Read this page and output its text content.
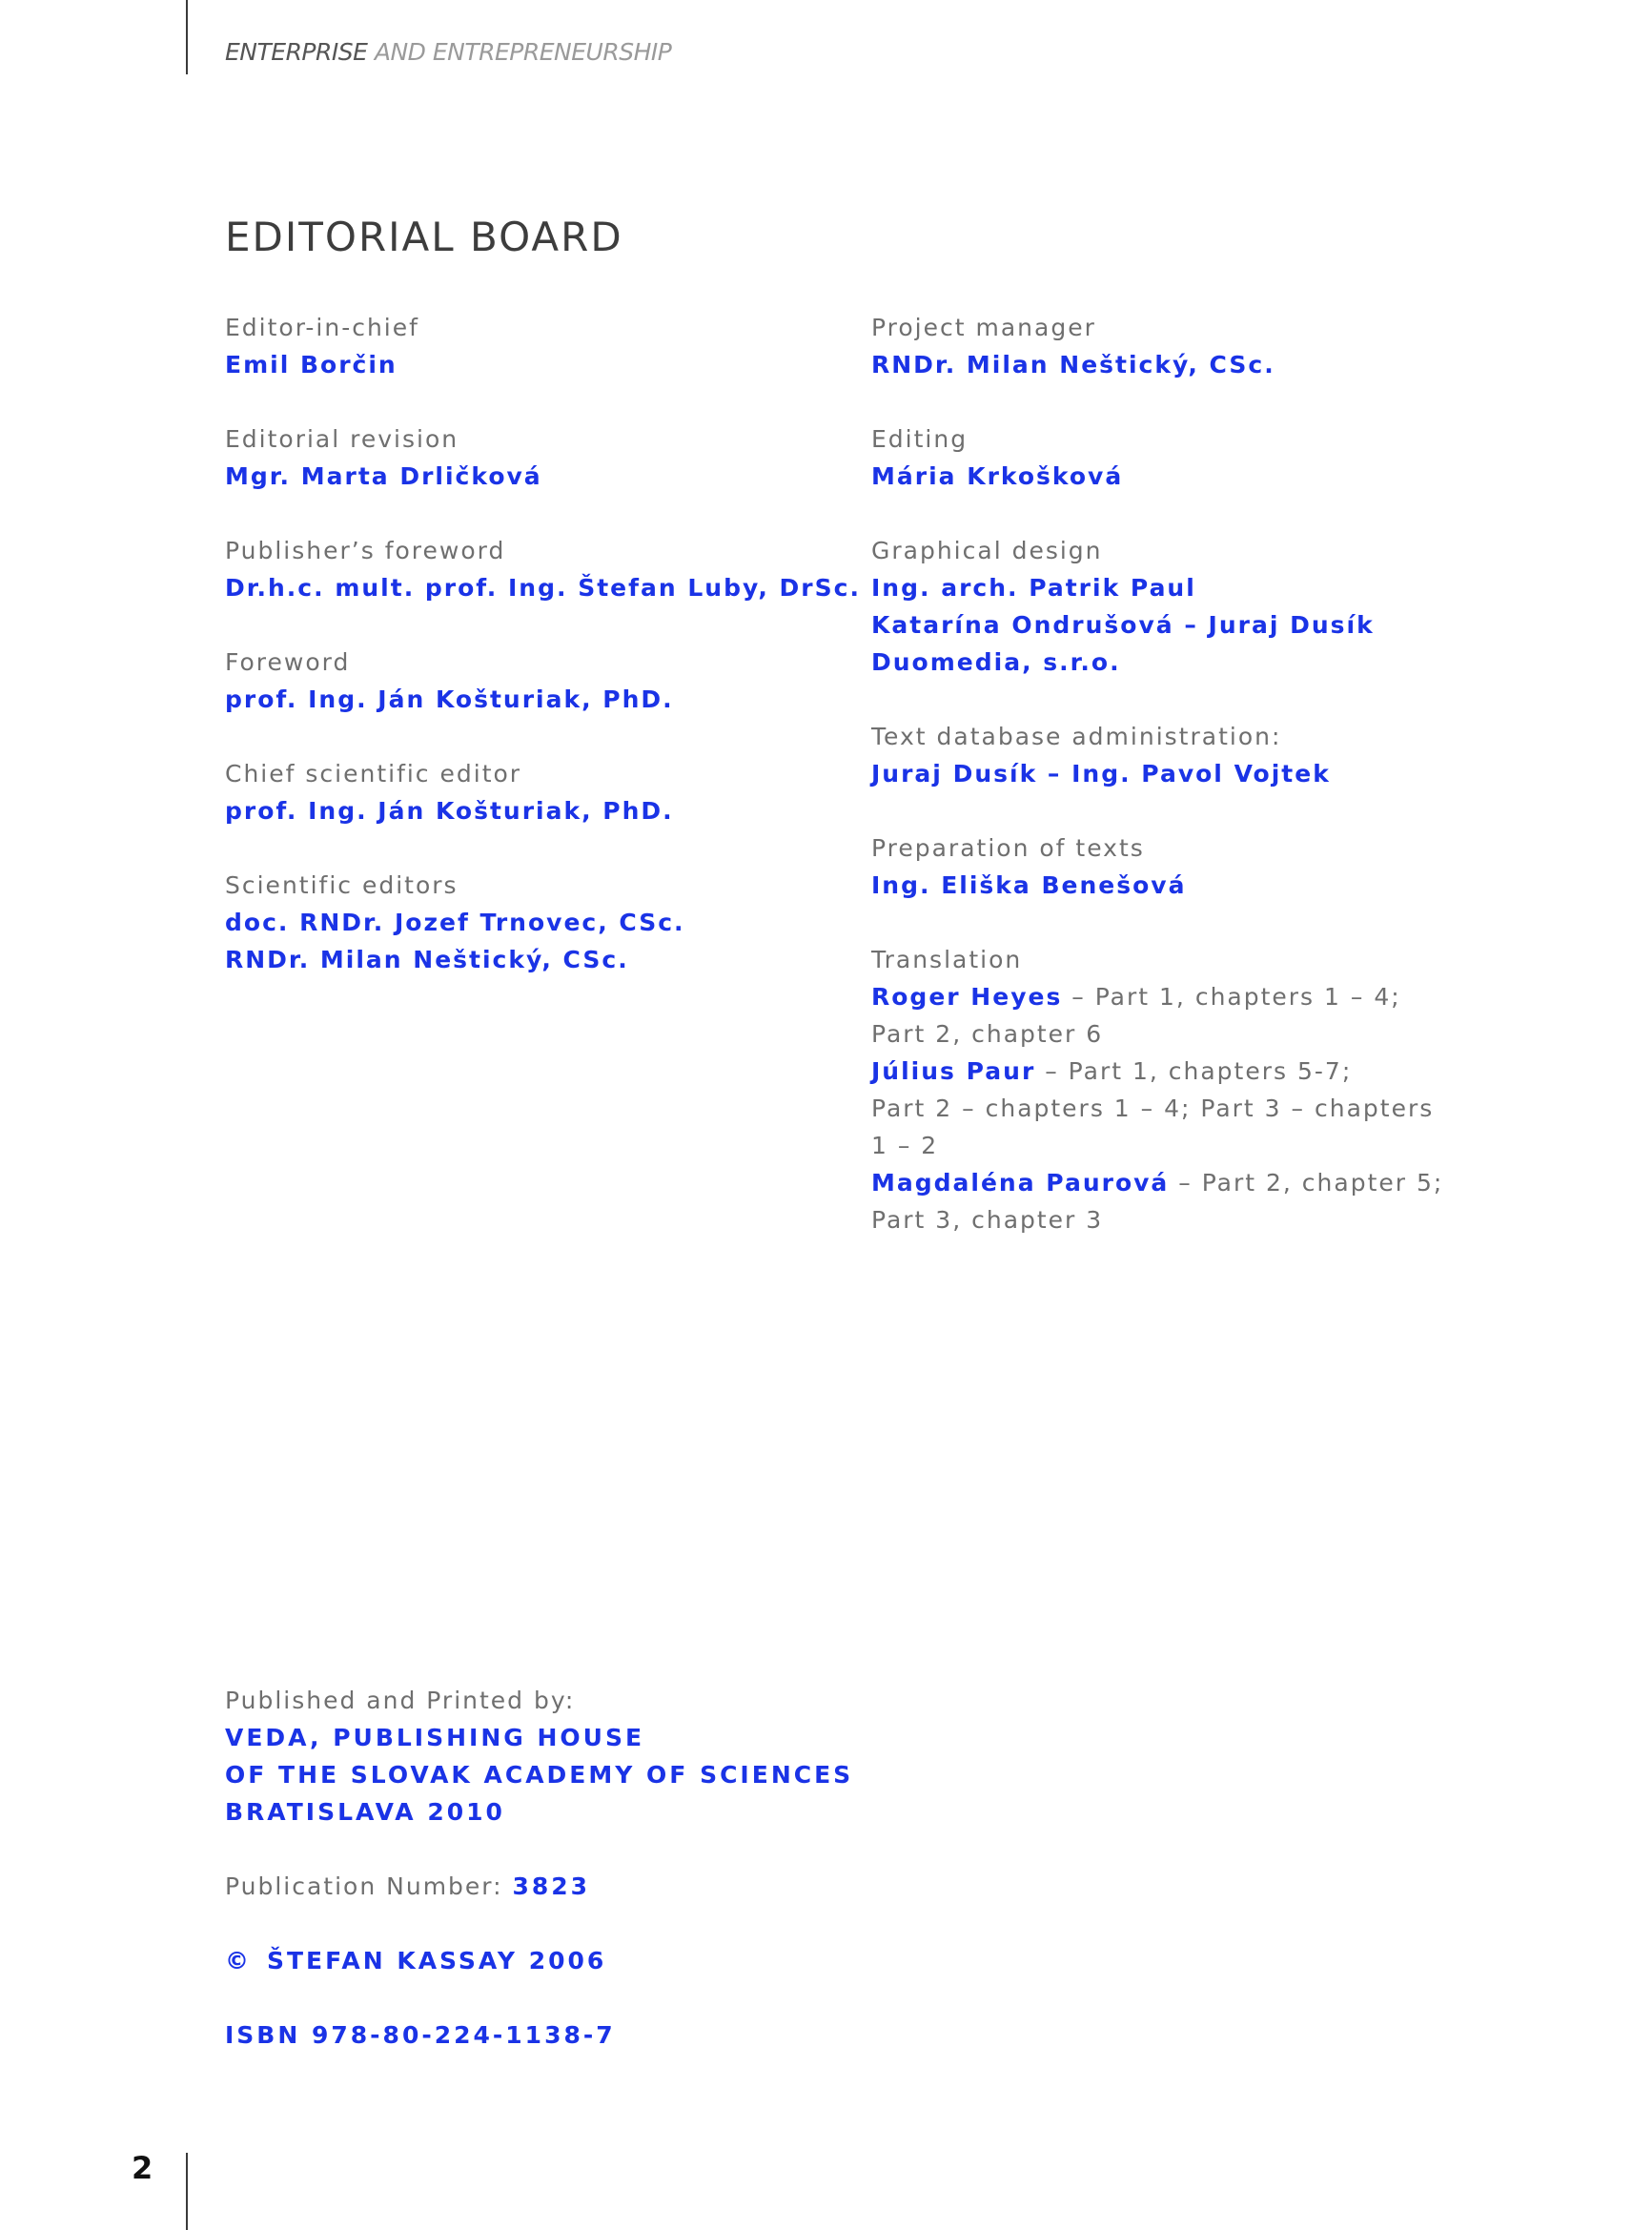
ENTERPRISE AND ENTREPRENEURSHIP
EDITORIAL BOARD
Editor-in-chief
Emil Borčin
Editorial revision
Mgr. Marta Drličková
Publisher’s foreword
Dr.h.c. mult. prof. Ing. Štefan Luby, DrSc.
Foreword
prof. Ing. Ján Košturiak, PhD.
Chief scientific editor
prof. Ing. Ján Košturiak, PhD.
Scientific editors
doc. RNDr. Jozef Trnovec, CSc.
RNDr. Milan Neštický, CSc.
Project manager
RNDr. Milan Neštický, CSc.
Editing
Mária Krkošková
Graphical design
Ing. arch. Patrik Paul
Katarína Ondrušová – Juraj Dusík
Duomedia, s.r.o.
Text database administration:
Juraj Dusík – Ing. Pavol Vojtek
Preparation of texts
Ing. Eliška Benešová
Translation
Roger Heyes – Part 1, chapters 1 – 4;
Part 2, chapter 6
Július Paur – Part 1, chapters 5-7;
Part 2 – chapters 1 – 4; Part 3 – chapters
1 – 2
Magdaléna Paurová – Part 2, chapter 5;
Part 3, chapter 3
Published and Printed by:
VEDA, PUBLISHING HOUSE
OF THE SLOVAK ACADEMY OF SCIENCES
BRATISLAVA 2010
Publication Number: 3823
© ŠTEFAN KASSAY 2006
ISBN 978-80-224-1138-7
2
